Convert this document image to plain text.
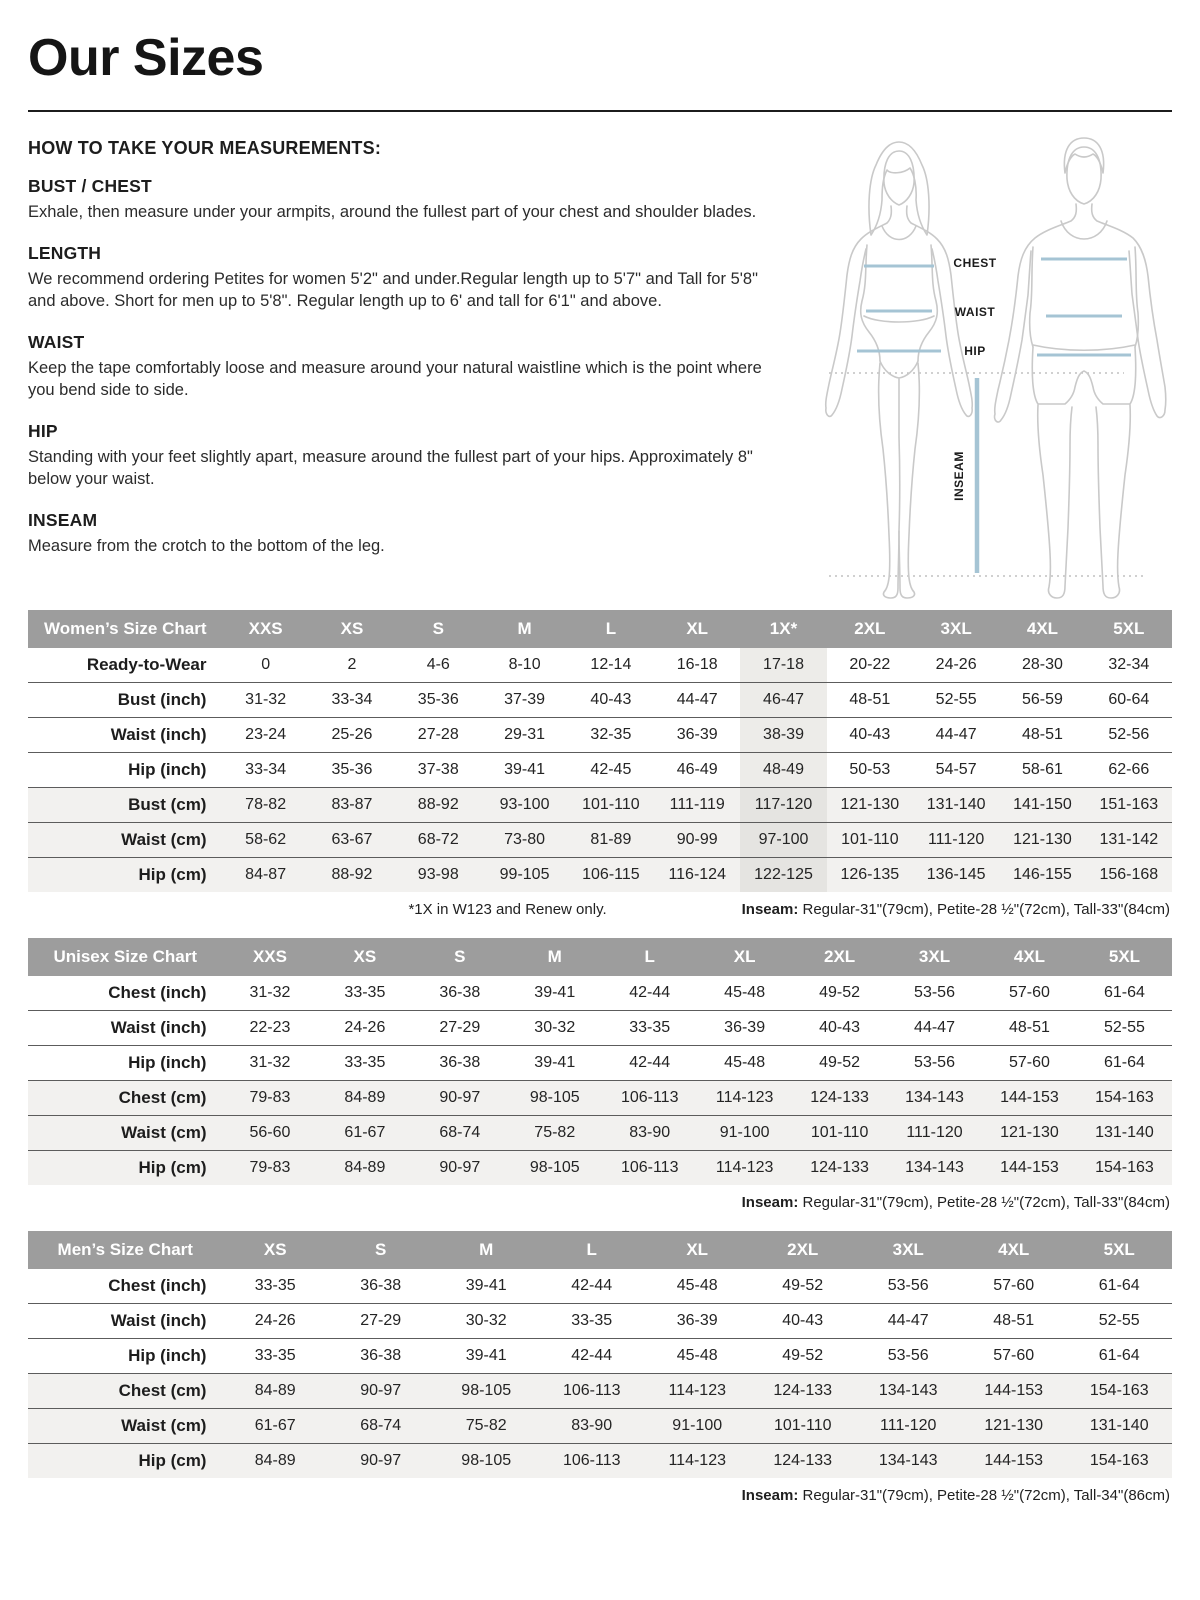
Our Sizes
HOW TO TAKE YOUR MEASUREMENTS:
BUST / CHEST

Exhale, then measure under your armpits, around the fullest part of your chest and shoulder blades.

LENGTH

We recommend ordering Petites for women 5'2" and under.Regular length up to 5'7" and Tall for 5'8" and above. Short for men up to 5'8". Regular length up to 6' and tall for 6'1" and above.

WAIST

Keep the tape comfortably loose and measure around your natural waistline which is the point where you bend side to side.

HIP

Standing with your feet slightly apart, measure around the fullest part of your hips. Approximately 8" below your waist.

INSEAM

Measure from the crotch to the bottom of the leg.

CHEST
WAIST
HIP
INSEAM
Women’s Size Chart	XXS	XS	S	M	L	XL	1X*	2XL	3XL	4XL	5XL
Ready-to-Wear	0	2	4-6	8-10	12-14	16-18	17-18	20-22	24-26	28-30	32-34
Bust (inch)	31-32	33-34	35-36	37-39	40-43	44-47	46-47	48-51	52-55	56-59	60-64
Waist (inch)	23-24	25-26	27-28	29-31	32-35	36-39	38-39	40-43	44-47	48-51	52-56
Hip (inch)	33-34	35-36	37-38	39-41	42-45	46-49	48-49	50-53	54-57	58-61	62-66
Bust (cm)	78-82	83-87	88-92	93-100	101-110	111-119	117-120	121-130	131-140	141-150	151-163
Waist (cm)	58-62	63-67	68-72	73-80	81-89	90-99	97-100	101-110	111-120	121-130	131-142
Hip (cm)	84-87	88-92	93-98	99-105	106-115	116-124	122-125	126-135	136-145	146-155	156-168
*1X in W123 and Renew only.	Inseam: Regular-31"(79cm), Petite-28 ½"(72cm), Tall-33"(84cm)
Unisex Size Chart	XXS	XS	S	M	L	XL	2XL	3XL	4XL	5XL
Chest (inch)	31-32	33-35	36-38	39-41	42-44	45-48	49-52	53-56	57-60	61-64
Waist (inch)	22-23	24-26	27-29	30-32	33-35	36-39	40-43	44-47	48-51	52-55
Hip (inch)	31-32	33-35	36-38	39-41	42-44	45-48	49-52	53-56	57-60	61-64
Chest (cm)	79-83	84-89	90-97	98-105	106-113	114-123	124-133	134-143	144-153	154-163
Waist (cm)	56-60	61-67	68-74	75-82	83-90	91-100	101-110	111-120	121-130	131-140
Hip (cm)	79-83	84-89	90-97	98-105	106-113	114-123	124-133	134-143	144-153	154-163
Inseam: Regular-31"(79cm), Petite-28 ½"(72cm), Tall-33"(84cm)
Men’s Size Chart	XS	S	M	L	XL	2XL	3XL	4XL	5XL
Chest (inch)	33-35	36-38	39-41	42-44	45-48	49-52	53-56	57-60	61-64
Waist (inch)	24-26	27-29	30-32	33-35	36-39	40-43	44-47	48-51	52-55
Hip (inch)	33-35	36-38	39-41	42-44	45-48	49-52	53-56	57-60	61-64
Chest (cm)	84-89	90-97	98-105	106-113	114-123	124-133	134-143	144-153	154-163
Waist (cm)	61-67	68-74	75-82	83-90	91-100	101-110	111-120	121-130	131-140
Hip (cm)	84-89	90-97	98-105	106-113	114-123	124-133	134-143	144-153	154-163
Inseam: Regular-31"(79cm), Petite-28 ½"(72cm), Tall-34"(86cm)
